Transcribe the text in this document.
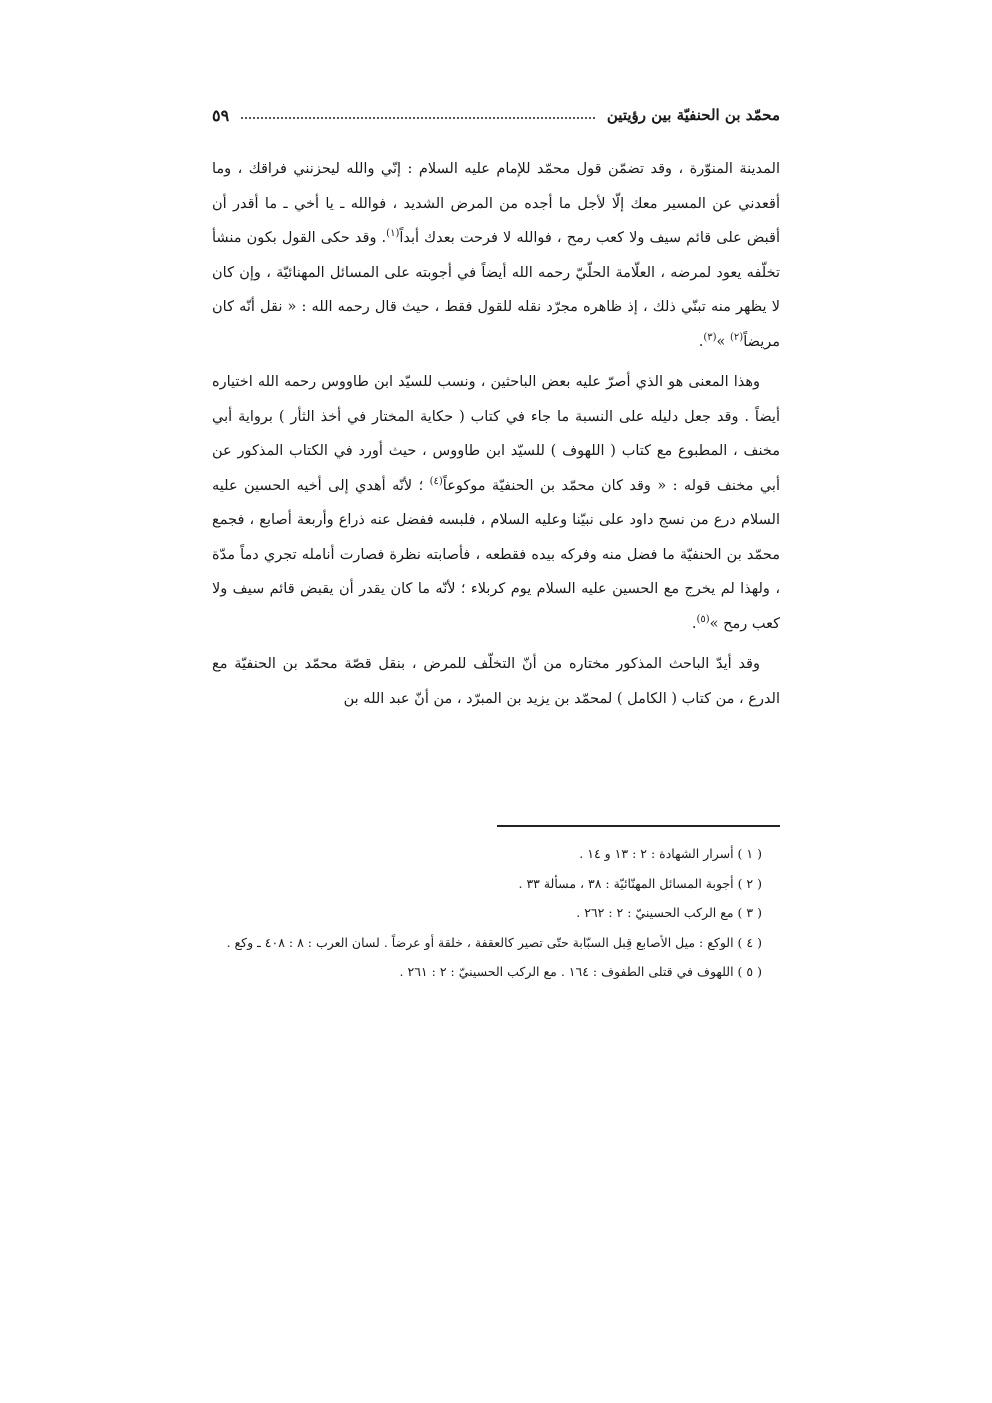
محمّد بن الحنفيّة بين رؤيتين
٥٩

المدينة المنوّرة ، وقد تضمّن قول محمّد للإمام عليه السلام : إنّي والله ليحزنني فراقك ، وما أقعدني عن المسير معك إلّا لأجل ما أجده من المرض الشديد ، فوالله ـ يا أخي ـ ما أقدر أن أقبض على قائم سيف ولا كعب رمح ، فوالله لا فرحت بعدك أبداً$^{(١)}$. وقد حكى القول بكون منشأ تخلّفه يعود لمرضه ، العلّامة الحلّيّ رحمه الله أيضاً في أجوبته على المسائل المهنائيّة ، وإن كان لا يظهر منه تبنّي ذلك ، إذ ظاهره مجرّد نقله للقول فقط ، حيث قال رحمه الله : « نقل أنّه كان مريضاً$^{(٢)}$ »$^{(٣)}$.

وهذا المعنى هو الذي أصرّ عليه بعض الباحثين ، ونسب للسيّد ابن طاووس رحمه الله اختياره أيضاً . وقد جعل دليله على النسبة ما جاء في كتاب ( حكاية المختار في أخذ الثأر ) برواية أبي مخنف ، المطبوع مع كتاب ( اللهوف ) للسيّد ابن طاووس ، حيث أورد في الكتاب المذكور عن أبي مخنف قوله : « وقد كان محمّد بن الحنفيّة موكوعاً$^{(٤)}$ ؛ لأنّه أهدي إلى أخيه الحسين عليه السلام درع من نسج داود على نبيّنا وعليه السلام ، فلبسه ففضل عنه ذراع وأربعة أصابع ، فجمع محمّد بن الحنفيّة ما فضل منه وفركه بيده فقطعه ، فأصابته نظرة فصارت أنامله تجري دماً مدّة ، ولهذا لم يخرج مع الحسين عليه السلام يوم كربلاء ؛ لأنّه ما كان يقدر أن يقبض قائم سيف ولا كعب رمح »$^{(٥)}$.

وقد أيدّ الباحث المذكور مختاره من أنّ التخلّف للمرض ، بنقل قصّة محمّد بن الحنفيّة مع الدرع ، من كتاب ( الكامل ) لمحمّد بن يزيد بن المبرّد ، من أنّ عبد الله بن

( ١ ) أسرار الشهادة : ٢ : ١٣ و ١٤ .

( ٢ ) أجوبة المسائل المهنّائيّة : ٣٨ ، مسألة ٣٣ .

( ٣ ) مع الركب الحسينيّ : ٢ : ٢٦٢ .

( ٤ ) الوكع : ميل الأصابع قِبل السبّابة حتّى تصير كالعقفة ، خلقة أو عرضاً . لسان العرب : ٨ : ٤٠٨ ـ وكع .

( ٥ ) اللهوف في قتلى الطفوف : ١٦٤ . مع الركب الحسينيّ : ٢ : ٢٦١ .
